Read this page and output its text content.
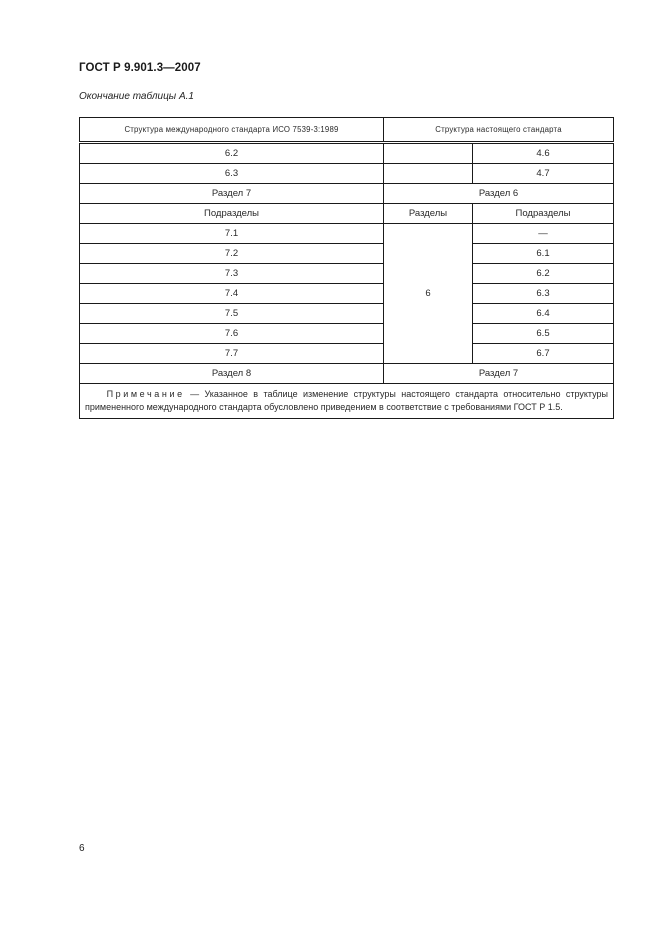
ГОСТ Р 9.901.3—2007
Окончание таблицы А.1
Структура международного стандарта ИСО 7539-3:1989	Структура настоящего стандарта	
6.2		4.6
6.3		4.7
Раздел 7	Раздел 6	
Подразделы	Разделы	Подразделы
7.1	6	—
7.2		6.1
7.3		6.2
7.4		6.3
7.5		6.4
7.6		6.5
7.7		6.7
Раздел 8	Раздел 7	
Примечание — Указанное в таблице изменение структуры настоящего стандарта относительно структуры примененного международного стандарта обусловлено приведением в соответствие с требованиями ГОСТ Р 1.5.		
6
